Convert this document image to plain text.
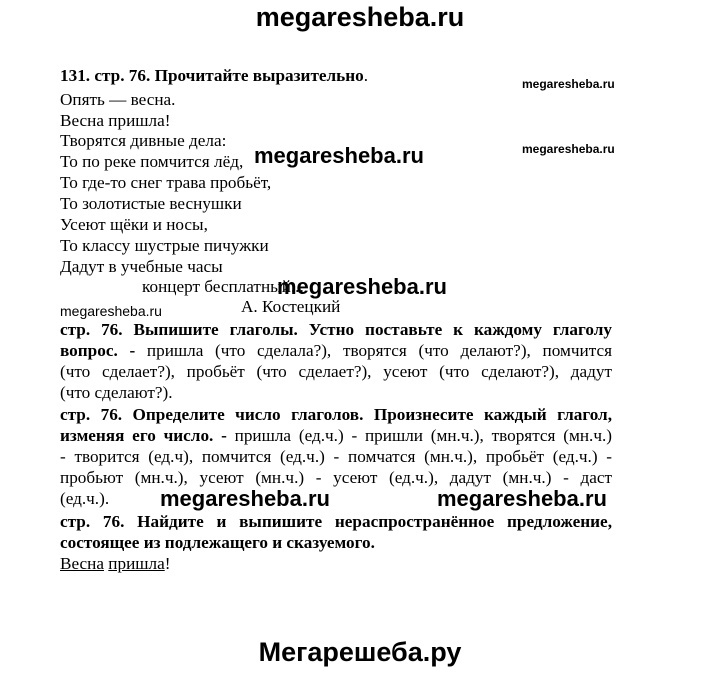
megaresheba.ru
131. стр. 76. Прочитайте выразительно.	megaresheba.ru
Опять — весна.
Весна пришла!
Творятся дивные дела:	megaresheba.ru
То по реке помчится лёд, megaresheba.ru
То где-то снег трава пробьёт,
То золотистые веснушки
Усеют щёки и носы,
То классу шустрые пичужки
Дадут в учебные часы
концерт бесплатный...
megaresheba.ru
megaresheba.ru	А. Костецкий
стр. 76. Выпишите глаголы. Устно поставьте к каждому глаголу
вопрос. - пришла (что сделала?), творятся (что делают?), помчится
(что сделает?), пробьёт (что сделает?), усеют (что сделают?), дадут
(что сделают?).
стр. 76. Определите число глаголов. Произнесите каждый глагол,
изменяя его число. - пришла (ед.ч.) - пришли (мн.ч.), творятся (мн.ч.)
- творится (ед.ч), помчится (ед.ч.) - помчатся (мн.ч.), пробьёт (ед.ч.) -
пробьют (мн.ч.), усеют (мн.ч.) - усеют (ед.ч.), дадут (мн.ч.) - даст
(ед.ч.). megaresheba.ru	megaresheba.ru
стр. 76. Найдите и выпишите нераспространённое предложение,
состоящее из подлежащего и сказуемого.
Весна пришла!
Мегарешеба.ру
